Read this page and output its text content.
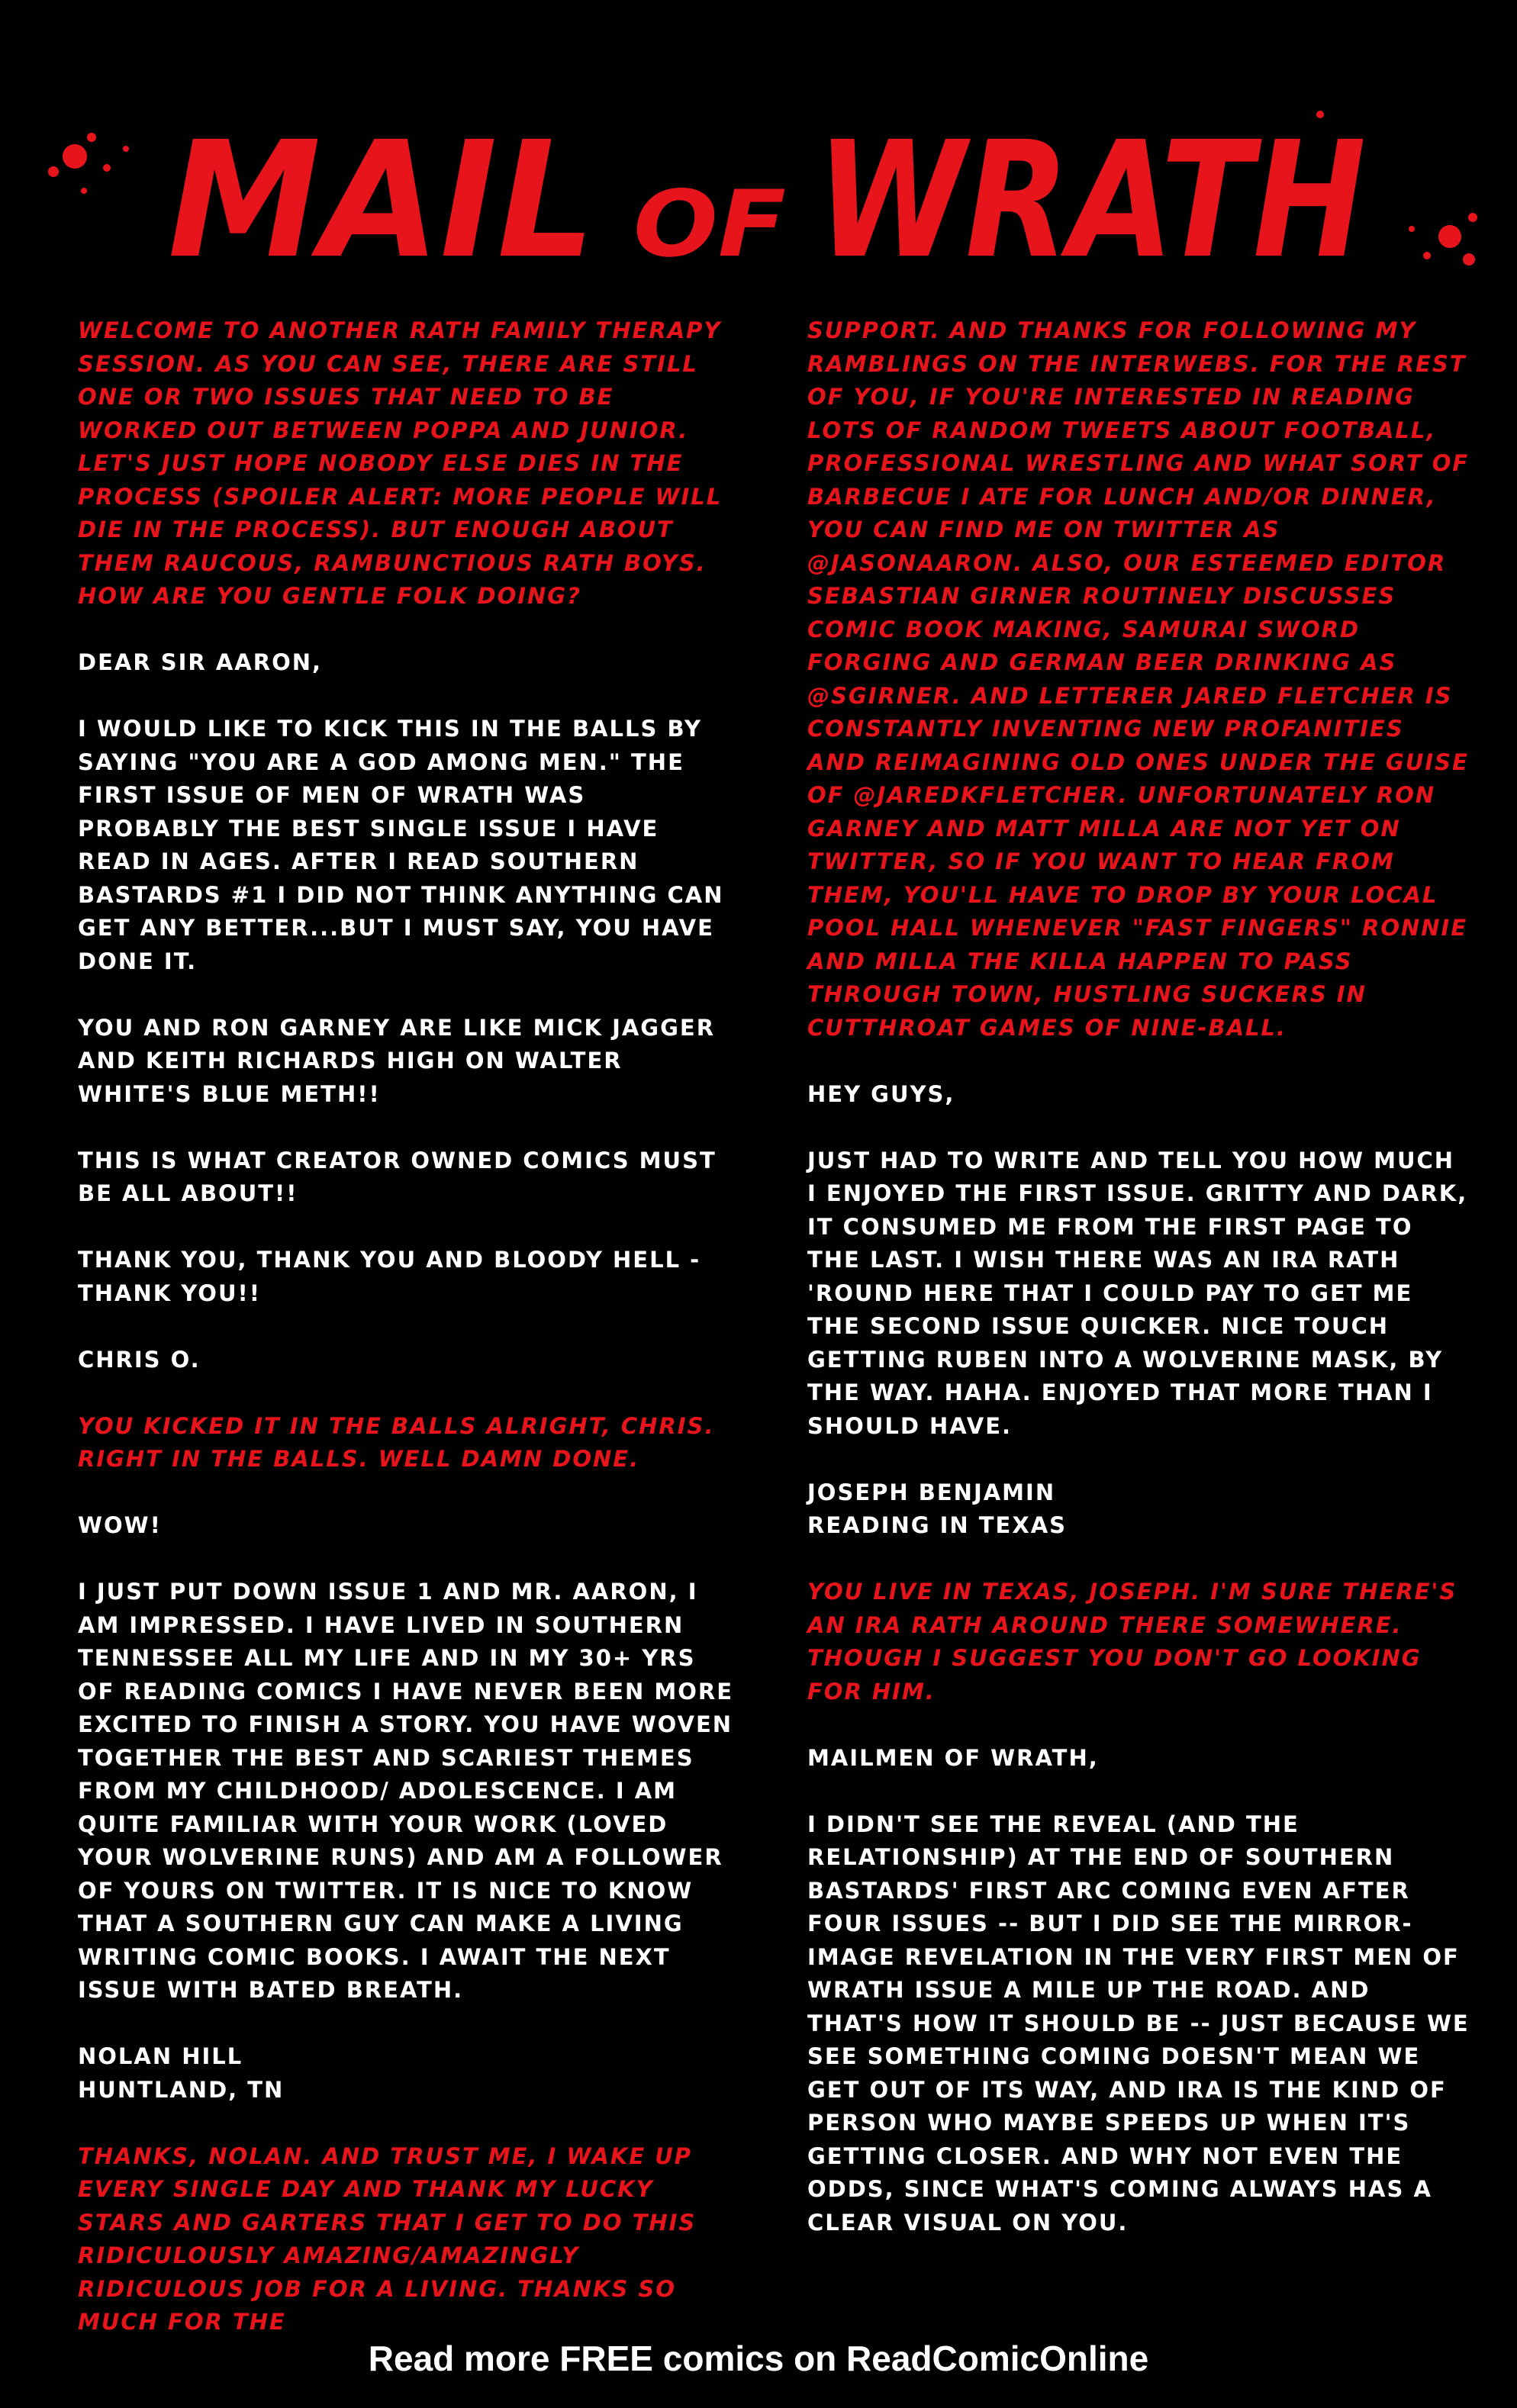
MAIL OF WRATH

WELCOME TO ANOTHER RATH FAMILY THERAPY SESSION. AS YOU CAN SEE, THERE ARE STILL ONE OR TWO ISSUES THAT NEED TO BE WORKED OUT BETWEEN POPPA AND JUNIOR. LET'S JUST HOPE NOBODY ELSE DIES IN THE PROCESS (SPOILER ALERT: MORE PEOPLE WILL DIE IN THE PROCESS). BUT ENOUGH ABOUT THEM RAUCOUS, RAMBUNCTIOUS RATH BOYS. HOW ARE YOU GENTLE FOLK DOING?

DEAR SIR AARON,

I WOULD LIKE TO KICK THIS IN THE BALLS BY SAYING "YOU ARE A GOD AMONG MEN." THE FIRST ISSUE OF MEN OF WRATH WAS PROBABLY THE BEST SINGLE ISSUE I HAVE READ IN AGES. AFTER I READ SOUTHERN BASTARDS #1 I DID NOT THINK ANYTHING CAN GET ANY BETTER...BUT I MUST SAY, YOU HAVE DONE IT.

YOU AND RON GARNEY ARE LIKE MICK JAGGER AND KEITH RICHARDS HIGH ON WALTER WHITE'S BLUE METH!!

THIS IS WHAT CREATOR OWNED COMICS MUST BE ALL ABOUT!!

THANK YOU, THANK YOU AND BLOODY HELL - THANK YOU!!

CHRIS O.

YOU KICKED IT IN THE BALLS ALRIGHT, CHRIS. RIGHT IN THE BALLS. WELL DAMN DONE.

WOW!

I JUST PUT DOWN ISSUE 1 AND MR. AARON, I AM IMPRESSED. I HAVE LIVED IN SOUTHERN TENNESSEE ALL MY LIFE AND IN MY 30+ YRS OF READING COMICS I HAVE NEVER BEEN MORE EXCITED TO FINISH A STORY. YOU HAVE WOVEN TOGETHER THE BEST AND SCARIEST THEMES FROM MY CHILDHOOD/ ADOLESCENCE. I AM QUITE FAMILIAR WITH YOUR WORK (LOVED YOUR WOLVERINE RUNS) AND AM A FOLLOWER OF YOURS ON TWITTER. IT IS NICE TO KNOW THAT A SOUTHERN GUY CAN MAKE A LIVING WRITING COMIC BOOKS. I AWAIT THE NEXT ISSUE WITH BATED BREATH.

NOLAN HILL
HUNTLAND, TN

THANKS, NOLAN. AND TRUST ME, I WAKE UP EVERY SINGLE DAY AND THANK MY LUCKY STARS AND GARTERS THAT I GET TO DO THIS RIDICULOUSLY AMAZING/AMAZINGLY RIDICULOUS JOB FOR A LIVING. THANKS SO MUCH FOR THE

SUPPORT. AND THANKS FOR FOLLOWING MY RAMBLINGS ON THE INTERWEBS. FOR THE REST OF YOU, IF YOU'RE INTERESTED IN READING LOTS OF RANDOM TWEETS ABOUT FOOTBALL, PROFESSIONAL WRESTLING AND WHAT SORT OF BARBECUE I ATE FOR LUNCH AND/OR DINNER, YOU CAN FIND ME ON TWITTER AS @JASONAARON. ALSO, OUR ESTEEMED EDITOR SEBASTIAN GIRNER ROUTINELY DISCUSSES COMIC BOOK MAKING, SAMURAI SWORD FORGING AND GERMAN BEER DRINKING AS @SGIRNER. AND LETTERER JARED FLETCHER IS CONSTANTLY INVENTING NEW PROFANITIES AND REIMAGINING OLD ONES UNDER THE GUISE OF @JAREDKFLETCHER. UNFORTUNATELY RON GARNEY AND MATT MILLA ARE NOT YET ON TWITTER, SO IF YOU WANT TO HEAR FROM THEM, YOU'LL HAVE TO DROP BY YOUR LOCAL POOL HALL WHENEVER "FAST FINGERS" RONNIE AND MILLA THE KILLA HAPPEN TO PASS THROUGH TOWN, HUSTLING SUCKERS IN CUTTHROAT GAMES OF NINE-BALL.

HEY GUYS,

JUST HAD TO WRITE AND TELL YOU HOW MUCH I ENJOYED THE FIRST ISSUE. GRITTY AND DARK, IT CONSUMED ME FROM THE FIRST PAGE TO THE LAST. I WISH THERE WAS AN IRA RATH 'ROUND HERE THAT I COULD PAY TO GET ME THE SECOND ISSUE QUICKER. NICE TOUCH GETTING RUBEN INTO A WOLVERINE MASK, BY THE WAY. HAHA. ENJOYED THAT MORE THAN I SHOULD HAVE.

JOSEPH BENJAMIN
READING IN TEXAS

YOU LIVE IN TEXAS, JOSEPH. I'M SURE THERE'S AN IRA RATH AROUND THERE SOMEWHERE. THOUGH I SUGGEST YOU DON'T GO LOOKING FOR HIM.

MAILMEN OF WRATH,

I DIDN'T SEE THE REVEAL (AND THE RELATIONSHIP) AT THE END OF SOUTHERN BASTARDS' FIRST ARC COMING EVEN AFTER FOUR ISSUES -- BUT I DID SEE THE MIRROR-IMAGE REVELATION IN THE VERY FIRST MEN OF WRATH ISSUE A MILE UP THE ROAD. AND THAT'S HOW IT SHOULD BE -- JUST BECAUSE WE SEE SOMETHING COMING DOESN'T MEAN WE GET OUT OF ITS WAY, AND IRA IS THE KIND OF PERSON WHO MAYBE SPEEDS UP WHEN IT'S GETTING CLOSER. AND WHY NOT EVEN THE ODDS, SINCE WHAT'S COMING ALWAYS HAS A CLEAR VISUAL ON YOU.

Read more FREE comics on ReadComicOnline
